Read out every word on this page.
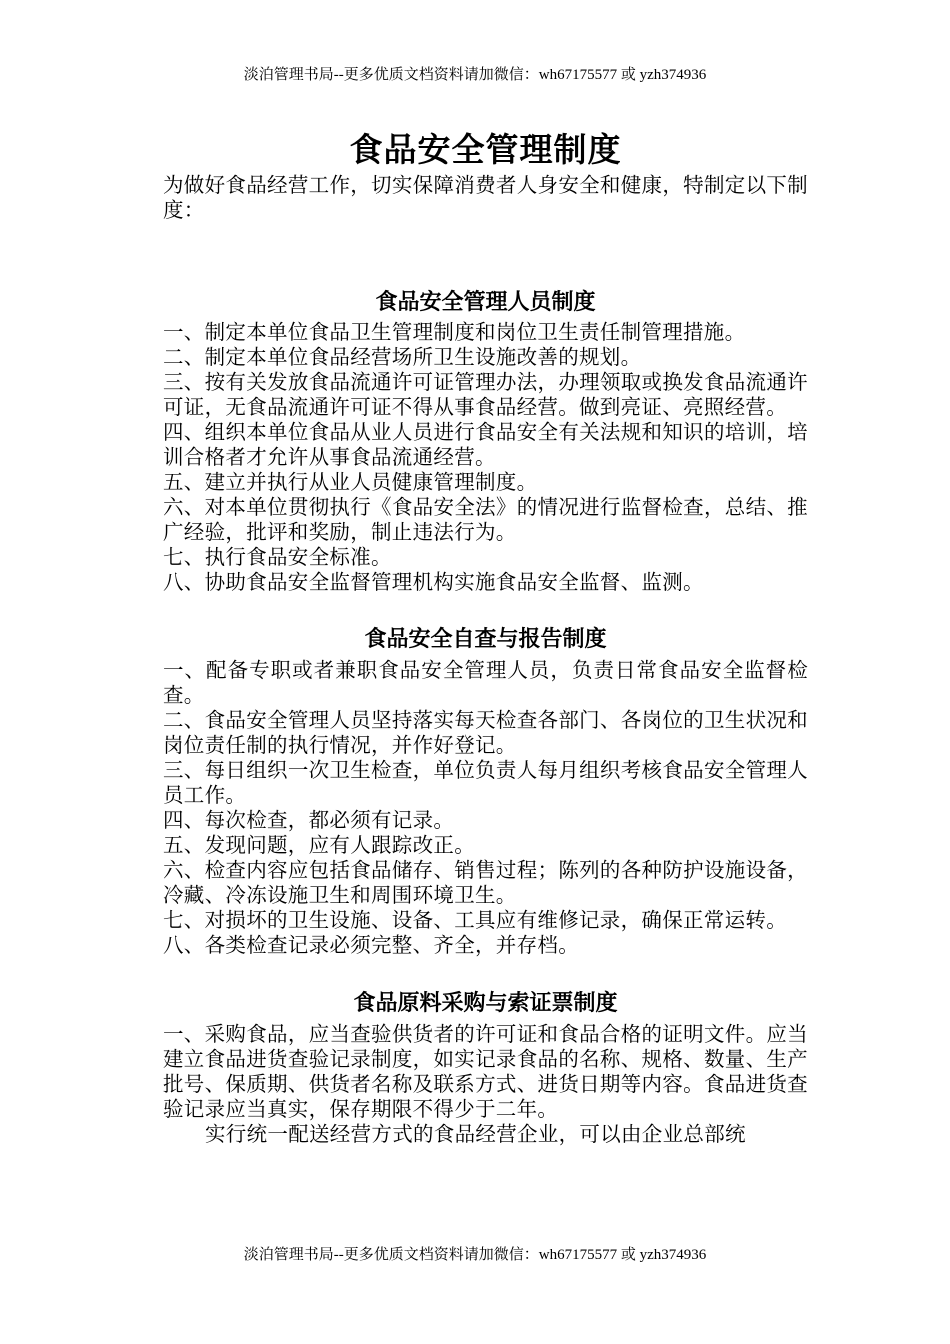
淡泊管理书局--更多优质文档资料请加微信：wh67175577 或 yzh374936
食品安全管理制度

为做好食品经营工作，切实保障消费者人身安全和健康，特制定以下制度：

食品安全管理人员制度

一、制定本单位食品卫生管理制度和岗位卫生责任制管理措施。

二、制定本单位食品经营场所卫生设施改善的规划。

三、按有关发放食品流通许可证管理办法，办理领取或换发食品流通许可证，无食品流通许可证不得从事食品经营。做到亮证、亮照经营。

四、组织本单位食品从业人员进行食品安全有关法规和知识的培训，培训合格者才允许从事食品流通经营。

五、建立并执行从业人员健康管理制度。

六、对本单位贯彻执行《食品安全法》的情况进行监督检查，总结、推广经验，批评和奖励，制止违法行为。

七、执行食品安全标准。

八、协助食品安全监督管理机构实施食品安全监督、监测。

食品安全自查与报告制度

一、配备专职或者兼职食品安全管理人员，负责日常食品安全监督检查。

二、食品安全管理人员坚持落实每天检查各部门、各岗位的卫生状况和岗位责任制的执行情况，并作好登记。

三、每日组织一次卫生检查，单位负责人每月组织考核食品安全管理人员工作。

四、每次检查，都必须有记录。

五、发现问题，应有人跟踪改正。

六、检查内容应包括食品储存、销售过程；陈列的各种防护设施设备，冷藏、冷冻设施卫生和周围环境卫生。

七、对损坏的卫生设施、设备、工具应有维修记录，确保正常运转。

八、各类检查记录必须完整、齐全，并存档。

食品原料采购与索证票制度

一、采购食品，应当查验供货者的许可证和食品合格的证明文件。应当建立食品进货查验记录制度，如实记录食品的名称、规格、数量、生产批号、保质期、供货者名称及联系方式、进货日期等内容。食品进货查验记录应当真实，保存期限不得少于二年。

实行统一配送经营方式的食品经营企业，可以由企业总部统

淡泊管理书局--更多优质文档资料请加微信：wh67175577 或 yzh374936
